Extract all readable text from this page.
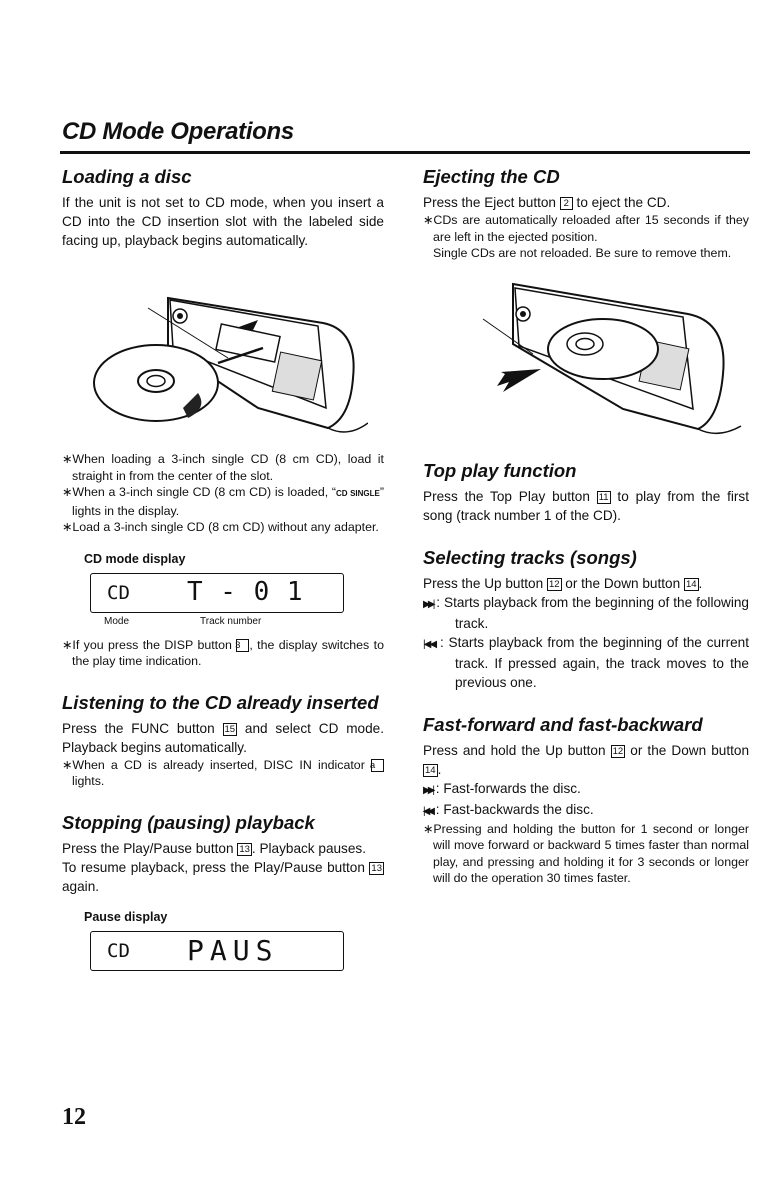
CD Mode Operations
Loading a disc

If the unit is not set to CD mode, when you insert a CD into the CD insertion slot with the labeled side facing up, playback begins automatically.

∗When loading a 3-inch single CD (8 cm CD), load it straight in from the center of the slot.

∗When a 3-inch single CD (8 cm CD) is loaded, “CD SINGLE” lights in the display.

∗Load a 3-inch single CD (8 cm CD) without any adapter.

CD mode display

CD T - 0 1
Mode	Track number

∗If you press the DISP button 3 , the display switches to the play time indication.

Listening to the CD already inserted

Press the FUNC button 15 and select CD mode. Playback begins automatically.

∗When a CD is already inserted, DISC IN indicator a lights.

Stopping (pausing) playback

Press the Play/Pause button 13 . Playback pauses.

To resume playback, press the Play/Pause button 13 again.

Pause display

CD PAUS
Ejecting the CD

Press the Eject button 2 to eject the CD.

∗CDs are automatically reloaded after 15 seconds if they are left in the ejected position.

Single CDs are not reloaded. Be sure to remove them.

Top play function

Press the Top Play button 11 to play from the first song (track number 1 of the CD).

Selecting tracks (songs)

Press the Up button 12 or the Down button 14 .

▶▶| : Starts playback from the beginning of the following track.

|◀◀ : Starts playback from the beginning of the current track. If pressed again, the track moves to the previous one.

Fast-forward and fast-backward

Press and hold the Up button 12 or the Down button 14 .

▶▶| : Fast-forwards the disc.

|◀◀ : Fast-backwards the disc.

∗Pressing and holding the button for 1 second or longer will move forward or backward 5 times faster than normal play, and pressing and holding it for 3 seconds or longer will do the operation 30 times faster.

12
